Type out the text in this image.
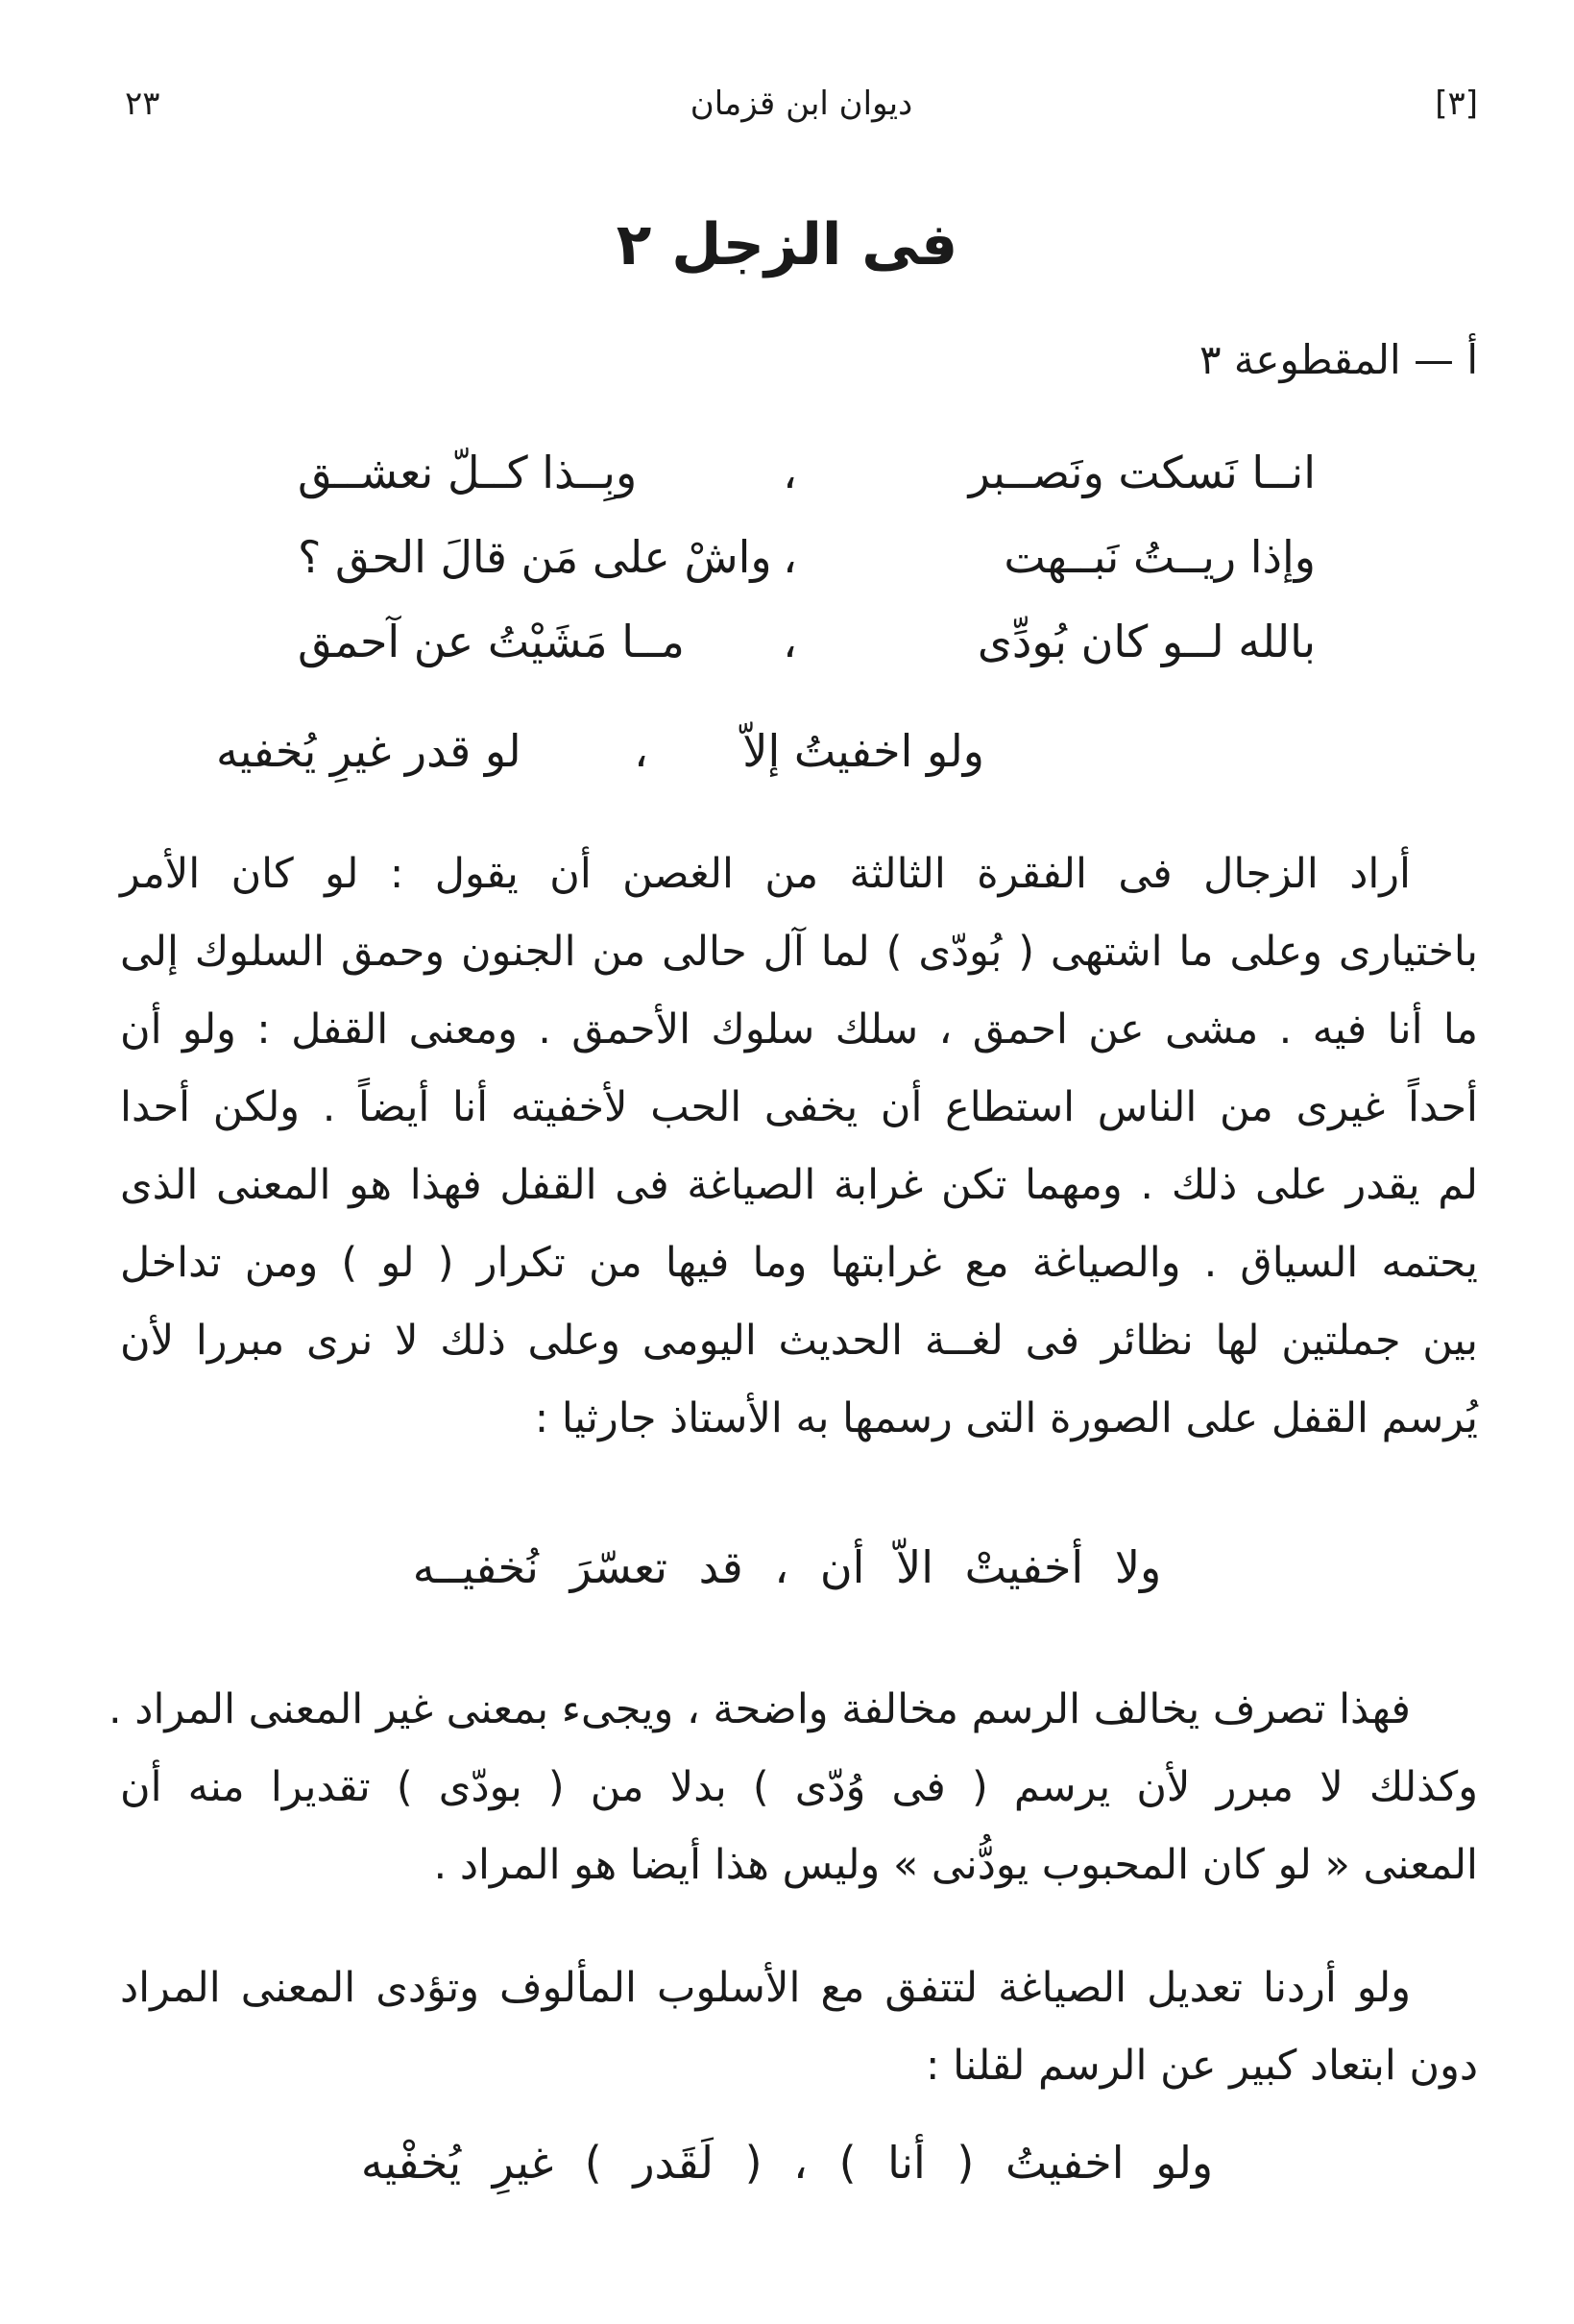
[٣]
ديوان ابن قزمان
٢٣
فى الزجل ٢
أ — المقطوعة ٣
انــا نَسكت ونَصــبر
،
وبِــذا كــلّ نعشــق
وإذا ريــتُ نَبــهت
،
واشْ على مَن قالَ الحق ؟
بالله لــو كان بُودِّى
،
مــا مَشَيْتُ عن آحمق
ولو اخفيتُ إلاّ
،
لو قدر غيرِ يُخفيه
أراد الزجال فى الفقرة الثالثة من الغصن أن يقول : لو كان الأمر
باختيارى وعلى ما اشتهى ( بُودّى ) لما آل حالى من الجنون وحمق السلوك إلى
ما أنا فيه . مشى عن احمق ، سلك سلوك الأحمق . ومعنى القفل : ولو أن
أحداً غيرى من الناس استطاع أن يخفى الحب لأخفيته أنا أيضاً . ولكن أحدا
لم يقدر على ذلك . ومهما تكن غرابة الصياغة فى القفل فهذا هو المعنى الذى
يحتمه السياق . والصياغة مع غرابتها وما فيها من تكرار ( لو ) ومن تداخل
بين جملتين لها نظائر فى لغــة الحديث اليومى وعلى ذلك لا نرى مبررا لأن
يُرسم القفل على الصورة التى رسمها به الأستاذ جارثيا :
ولا أخفيتْ الاّ أن ، قد تعسّرَ نُخفيــه
فهذا تصرف يخالف الرسم مخالفة واضحة ، ويجىء بمعنى غير المعنى المراد .
وكذلك لا مبرر لأن يرسم ( فى وُدّى ) بدلا من ( بودّى ) تقديرا منه أن
المعنى « لو كان المحبوب يودُّنى » وليس هذا أيضا هو المراد .
ولو أردنا تعديل الصياغة لتتفق مع الأسلوب المألوف وتؤدى المعنى المراد
دون ابتعاد كبير عن الرسم لقلنا :
ولو اخفيتُ ( أنا ) ، ( لَقَدر ) غيرِ يُخفْيه
